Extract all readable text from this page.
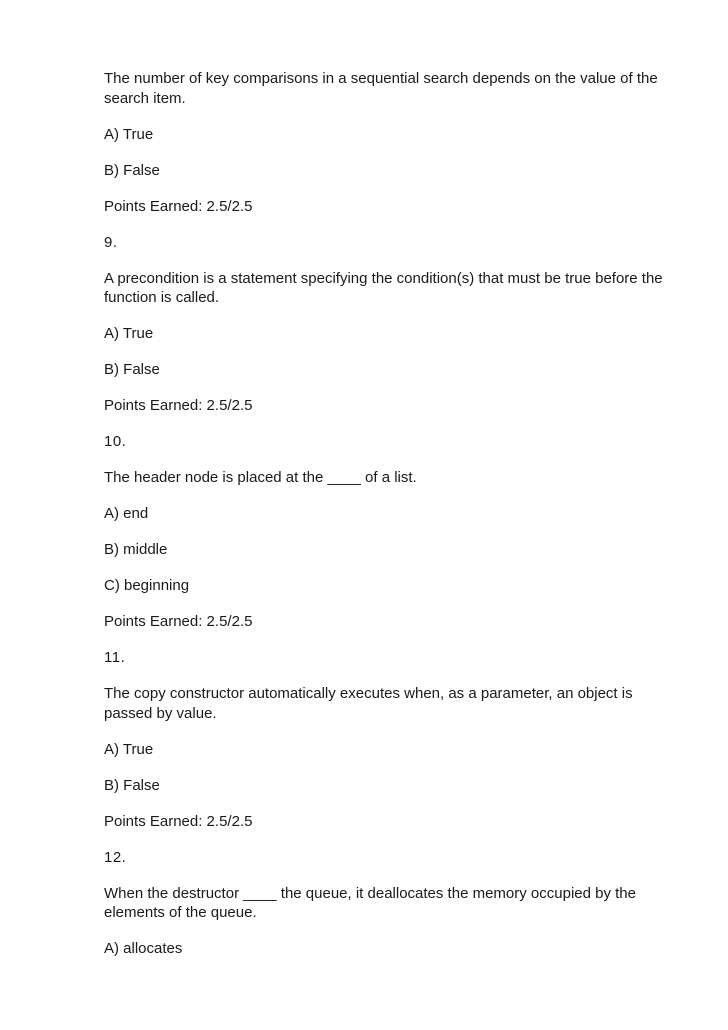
The number of key comparisons in a sequential search depends on the value of the search item.

A) True

B) False

Points Earned: 2.5/2.5

9.

A precondition is a statement specifying the condition(s) that must be true before the function is called.

A) True

B) False

Points Earned: 2.5/2.5

10.

The header node is placed at the ____ of a list.

A) end

B) middle

C) beginning

Points Earned: 2.5/2.5

11.

The copy constructor automatically executes when, as a parameter, an object is passed by value.

A) True

B) False

Points Earned: 2.5/2.5

12.

When the destructor ____ the queue, it deallocates the memory occupied by the elements of the queue.

A) allocates
